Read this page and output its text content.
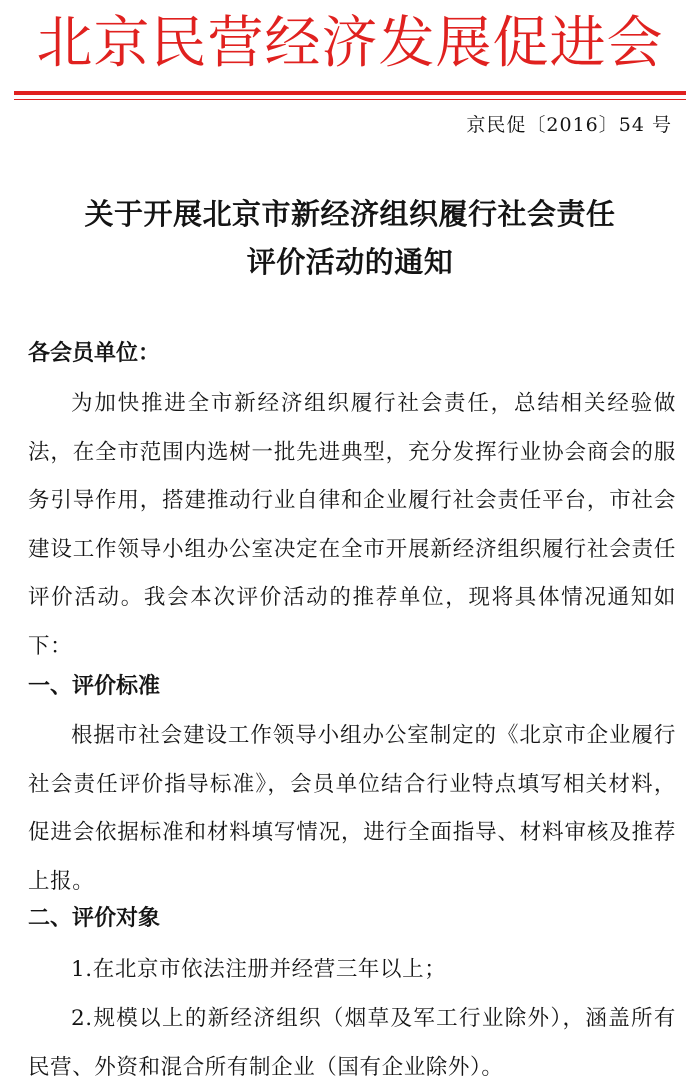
北京民营经济发展促进会
京民促〔2016〕54 号
关于开展北京市新经济组织履行社会责任
评价活动的通知
各会员单位：
为加快推进全市新经济组织履行社会责任，总结相关经验做法，在全市范围内选树一批先进典型，充分发挥行业协会商会的服务引导作用，搭建推动行业自律和企业履行社会责任平台，市社会建设工作领导小组办公室决定在全市开展新经济组织履行社会责任评价活动。我会本次评价活动的推荐单位，现将具体情况通知如下：
一、评价标准
根据市社会建设工作领导小组办公室制定的《北京市企业履行社会责任评价指导标准》，会员单位结合行业特点填写相关材料，促进会依据标准和材料填写情况，进行全面指导、材料审核及推荐上报。
二、评价对象
1.在北京市依法注册并经营三年以上；
2.规模以上的新经济组织（烟草及军工行业除外），涵盖所有民营、外资和混合所有制企业（国有企业除外）。
